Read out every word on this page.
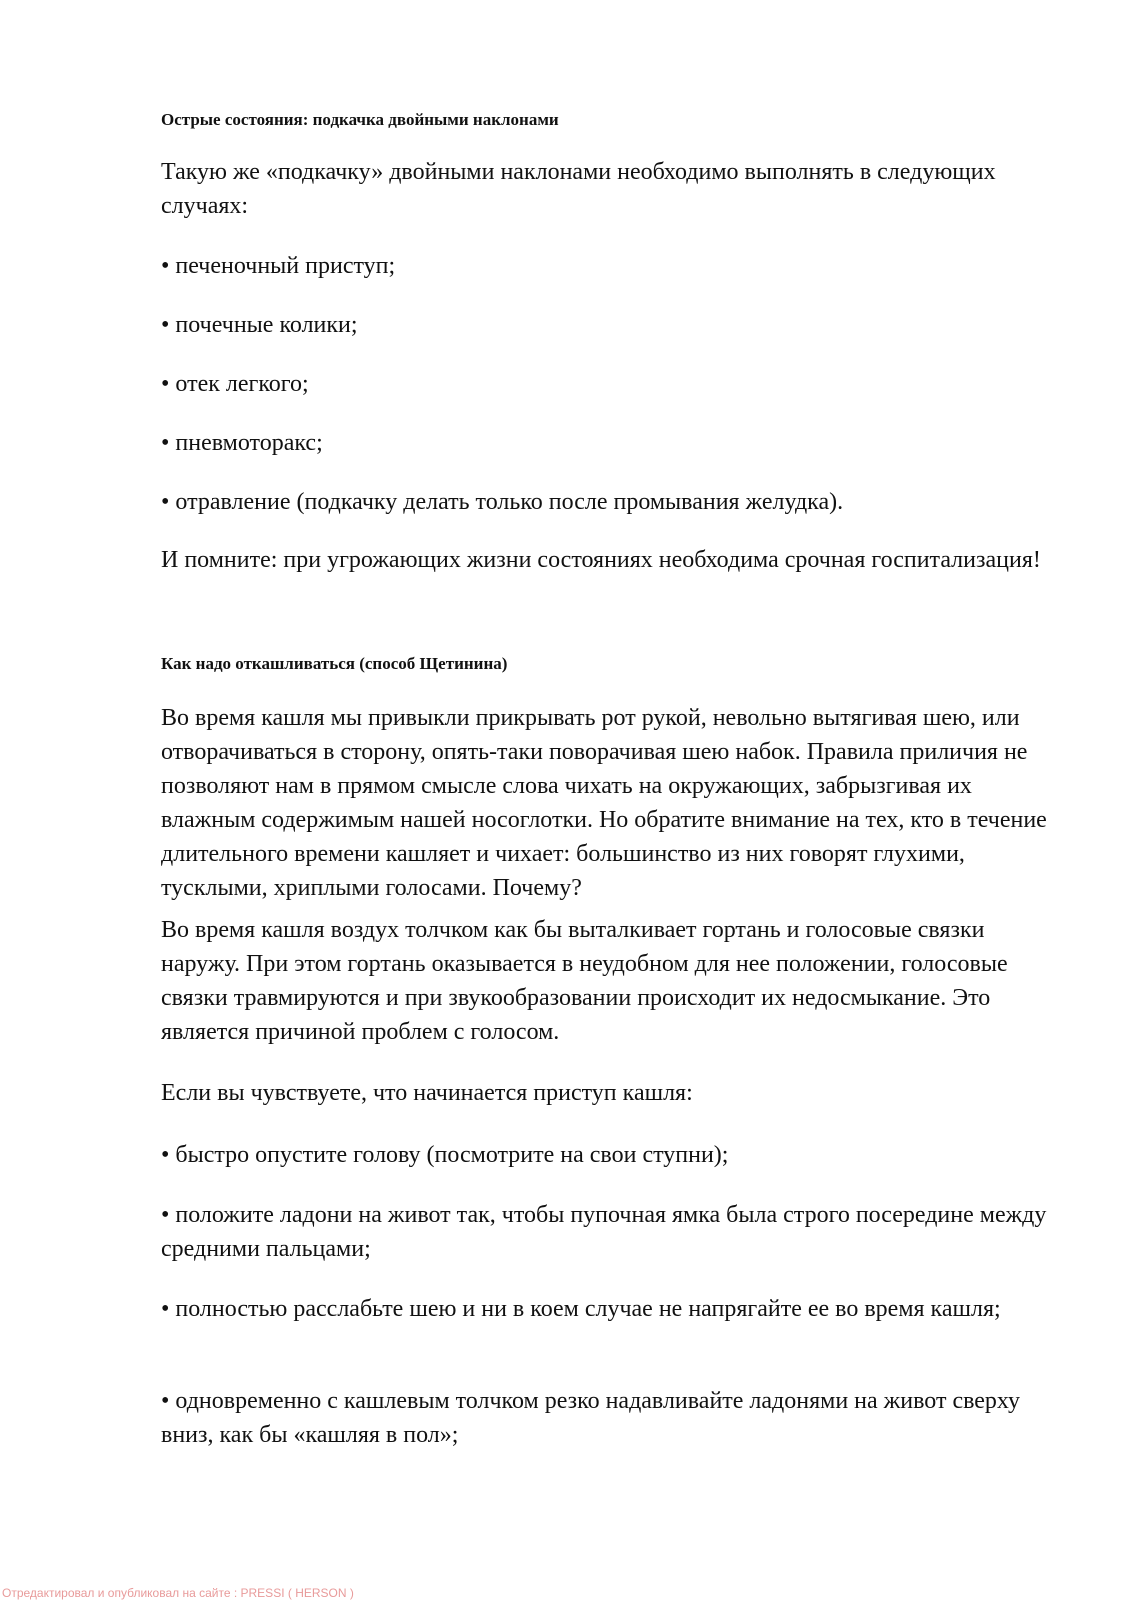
Острые состояния: подкачка двойными наклонами

Такую же «подкачку» двойными наклонами необходимо выполнять в следующих случаях:

• печеночный приступ;

• почечные колики;

• отек легкого;

• пневмоторакс;

• отравление (подкачку делать только после промывания желудка).

И помните: при угрожающих жизни состояниях необходима срочная госпитализация!

Как надо откашливаться (способ Щетинина)

Во время кашля мы привыкли прикрывать рот рукой, невольно вытягивая шею, или отворачиваться в сторону, опять-таки поворачивая шею набок. Правила приличия не позволяют нам в прямом смысле слова чихать на окружающих, забрызгивая их влажным содержимым нашей носоглотки. Но обратите внимание на тех, кто в течение длительного времени кашляет и чихает: большинство из них говорят глухими, тусклыми, хриплыми голосами. Почему?

Во время кашля воздух толчком как бы выталкивает гортань и голосовые связки наружу. При этом гортань оказывается в неудобном для нее положении, голосовые связки травмируются и при звукообразовании происходит их недосмыкание. Это является причиной проблем с голосом.

Если вы чувствуете, что начинается приступ кашля:

• быстро опустите голову (посмотрите на свои ступни);

• положите ладони на живот так, чтобы пупочная ямка была строго посередине между средними пальцами;

• полностью расслабьте шею и ни в коем случае не напрягайте ее во время кашля;

• одновременно с кашлевым толчком резко надавливайте ладонями на живот сверху вниз, как бы «кашляя в пол»;

Отредактировал и опубликовал на сайте : PRESSI ( HERSON )
